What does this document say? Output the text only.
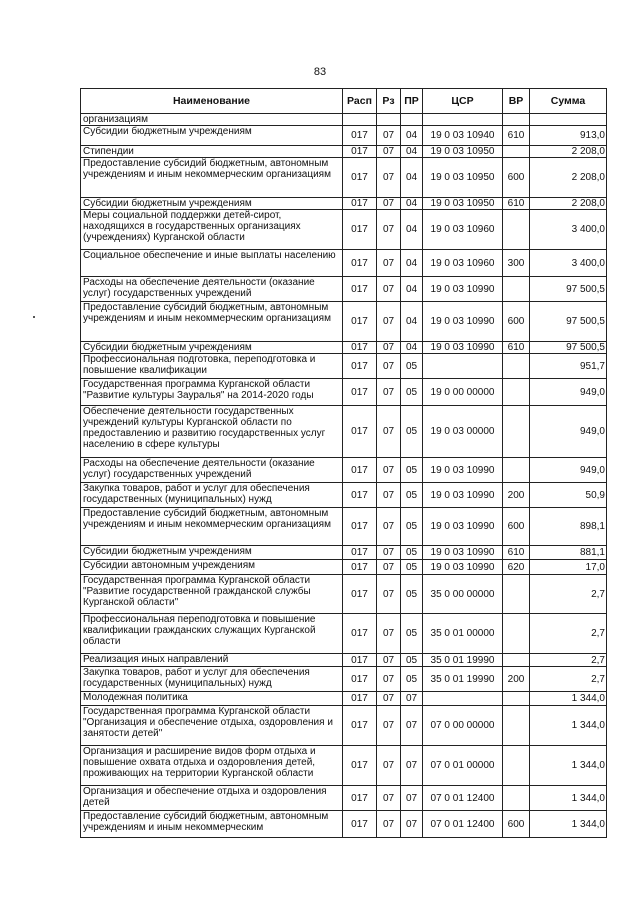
83
Наименование	Расп	Рз	ПР	ЦСР	ВР	Сумма
организациям						
Субсидии бюджетным учреждениям	017	07	04	19 0 03 10940	610	913,0
Стипендии	017	07	04	19 0 03 10950		2 208,0
Предоставление субсидий бюджетным, автономным учреждениям и иным некоммерческим организациям	017	07	04	19 0 03 10950	600	2 208,0
Субсидии бюджетным учреждениям	017	07	04	19 0 03 10950	610	2 208,0
Меры социальной поддержки детей-сирот, находящихся в государственных организациях (учреждениях) Курганской области	017	07	04	19 0 03 10960		3 400,0
Социальное обеспечение и иные выплаты населению	017	07	04	19 0 03 10960	300	3 400,0
Расходы на обеспечение деятельности (оказание услуг) государственных учреждений	017	07	04	19 0 03 10990		97 500,5
Предоставление субсидий бюджетным, автономным учреждениям и иным некоммерческим организациям	017	07	04	19 0 03 10990	600	97 500,5
Субсидии бюджетным учреждениям	017	07	04	19 0 03 10990	610	97 500,5
Профессиональная подготовка, переподготовка и повышение квалификации	017	07	05			951,7
Государственная программа Курганской области "Развитие культуры Зауралья" на 2014-2020 годы	017	07	05	19 0 00 00000		949,0
Обеспечение деятельности государственных учреждений культуры Курганской области по предоставлению и развитию государственных услуг населению в сфере культуры	017	07	05	19 0 03 00000		949,0
Расходы на обеспечение деятельности (оказание услуг) государственных учреждений	017	07	05	19 0 03 10990		949,0
Закупка товаров, работ и услуг для обеспечения государственных (муниципальных) нужд	017	07	05	19 0 03 10990	200	50,9
Предоставление субсидий бюджетным, автономным учреждениям и иным некоммерческим организациям	017	07	05	19 0 03 10990	600	898,1
Субсидии бюджетным учреждениям	017	07	05	19 0 03 10990	610	881,1
Субсидии автономным учреждениям	017	07	05	19 0 03 10990	620	17,0
Государственная программа Курганской области "Развитие государственной гражданской службы Курганской области"	017	07	05	35 0 00 00000		2,7
Профессиональная переподготовка и повышение квалификации гражданских служащих Курганской области	017	07	05	35 0 01 00000		2,7
Реализация иных направлений	017	07	05	35 0 01 19990		2,7
Закупка товаров, работ и услуг для обеспечения государственных (муниципальных) нужд	017	07	05	35 0 01 19990	200	2,7
Молодежная политика	017	07	07			1 344,0
Государственная программа Курганской области "Организация и обеспечение отдыха, оздоровления и занятости детей"	017	07	07	07 0 00 00000		1 344,0
Организация и расширение видов форм отдыха и повышение охвата отдыха и оздоровления детей, проживающих на территории Курганской области	017	07	07	07 0 01 00000		1 344,0
Организация и обеспечение отдыха и оздоровления детей	017	07	07	07 0 01 12400		1 344,0
Предоставление субсидий бюджетным, автономным учреждениям и иным некоммерческим	017	07	07	07 0 01 12400	600	1 344,0
